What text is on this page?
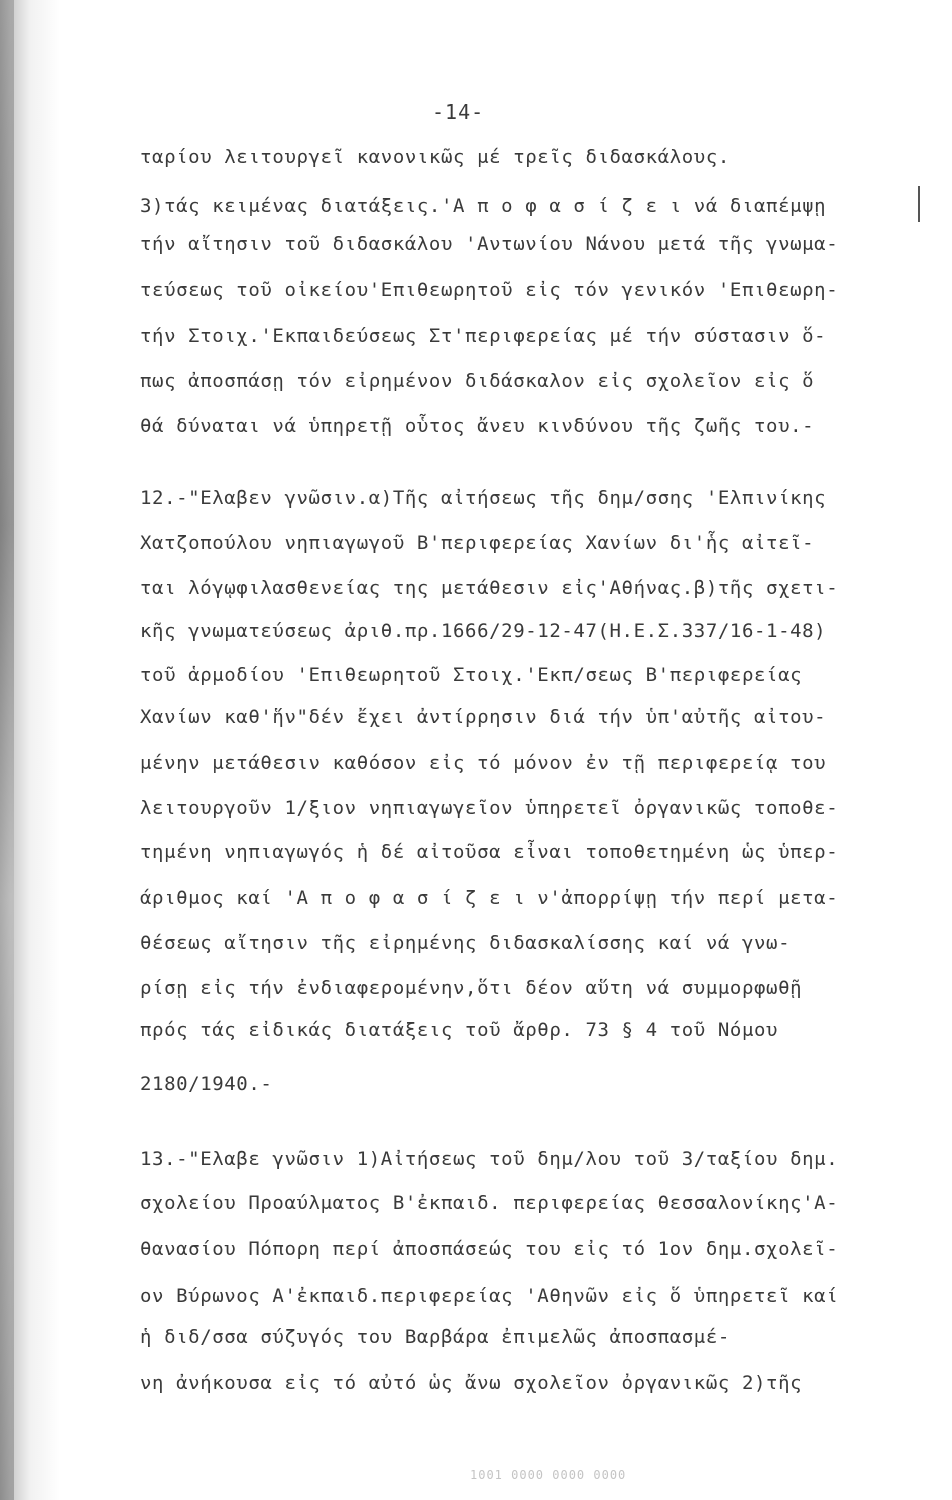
-14-
ταρίου λειτουργεῖ κανονικῶς μέ τρεῖς διδασκάλους.
3)τάς κειμένας διατάξεις.'Α π ο φ α σ ί ζ ε ι νά διαπέμψῃ
τήν αἴτησιν τοῦ διδασκάλου 'Αντωνίου Νάνου μετά τῆς γνωμα-
τεύσεως τοῦ οἰκείου'Επιθεωρητοῦ εἰς τόν γενικόν 'Επιθεωρη-
τήν Στοιχ.'Εκπαιδεύσεως Στ'περιφερείας μέ τήν σύστασιν ὅ-
πως ἀποσπάσῃ τόν εἰρημένον διδάσκαλον εἰς σχολεῖον εἰς ὅ
θά δύναται νά ὑπηρετῇ οὗτος ἄνευ κινδύνου τῆς ζωῆς του.-
12.-"Ελαβεν γνῶσιν.α)Τῆς αἰτήσεως τῆς δημ/σσης 'Ελπινίκης
Χατζοπούλου νηπιαγωγοῦ Β'περιφερείας Χανίων δι'ἧς αἰτεῖ-
ται λόγῳφιλασθενείας της μετάθεσιν εἰς'Αθήνας.β)τῆς σχετι-
κῆς γνωματεύσεως ἀριθ.πρ.1666/29-12-47(Η.Ε.Σ.337/16-1-48)
τοῦ ἁρμοδίου 'Επιθεωρητοῦ Στοιχ.'Εκπ/σεως Β'περιφερείας
Χανίων καθ'ἥν"δέν ἔχει ἀντίρρησιν διά τήν ὑπ'αὐτῆς αἰτου-
μένην μετάθεσιν καθόσον εἰς τό μόνον ἐν τῇ περιφερείᾳ του
λειτουργοῦν 1/ξιον νηπιαγωγεῖον ὑπηρετεῖ ὀργανικῶς τοποθε-
τημένη νηπιαγωγός ἡ δέ αἰτοῦσα εἶναι τοποθετημένη ὡς ὑπερ-
άριθμος καί 'Α π ο φ α σ ί ζ ε ι ν'ἀπορρίψῃ τήν περί μετα-
θέσεως αἴτησιν τῆς εἰρημένης διδασκαλίσσης καί νά γνω-
ρίσῃ εἰς τήν ἐνδιαφερομένην,ὅτι δέον αὕτη νά συμμορφωθῇ
πρός τάς εἰδικάς διατάξεις τοῦ ἄρθρ. 73 § 4 τοῦ Νόμου
2180/1940.-
13.-"Ελαβε γνῶσιν 1)Αἰτήσεως τοῦ δημ/λου τοῦ 3/ταξίου δημ.
σχολείου Προαύλματος Β'ἐκπαιδ. περιφερείας θεσσαλονίκης'Α-
θανασίου Πόπορη περί ἀποσπάσεώς του εἰς τό 1ον δημ.σχολεῖ-
ον Βύρωνος Α'ἐκπαιδ.περιφερείας 'Αθηνῶν εἰς ὅ ὑπηρετεῖ καί
ἡ διδ/σσα σύζυγός του Βαρβάρα ἐπιμελῶς ἀποσπασμέ-
νη ἀνήκουσα εἰς τό αὐτό ὡς ἄνω σχολεῖον ὀργανικῶς 2)τῆς
1001 0000 0000 0000
